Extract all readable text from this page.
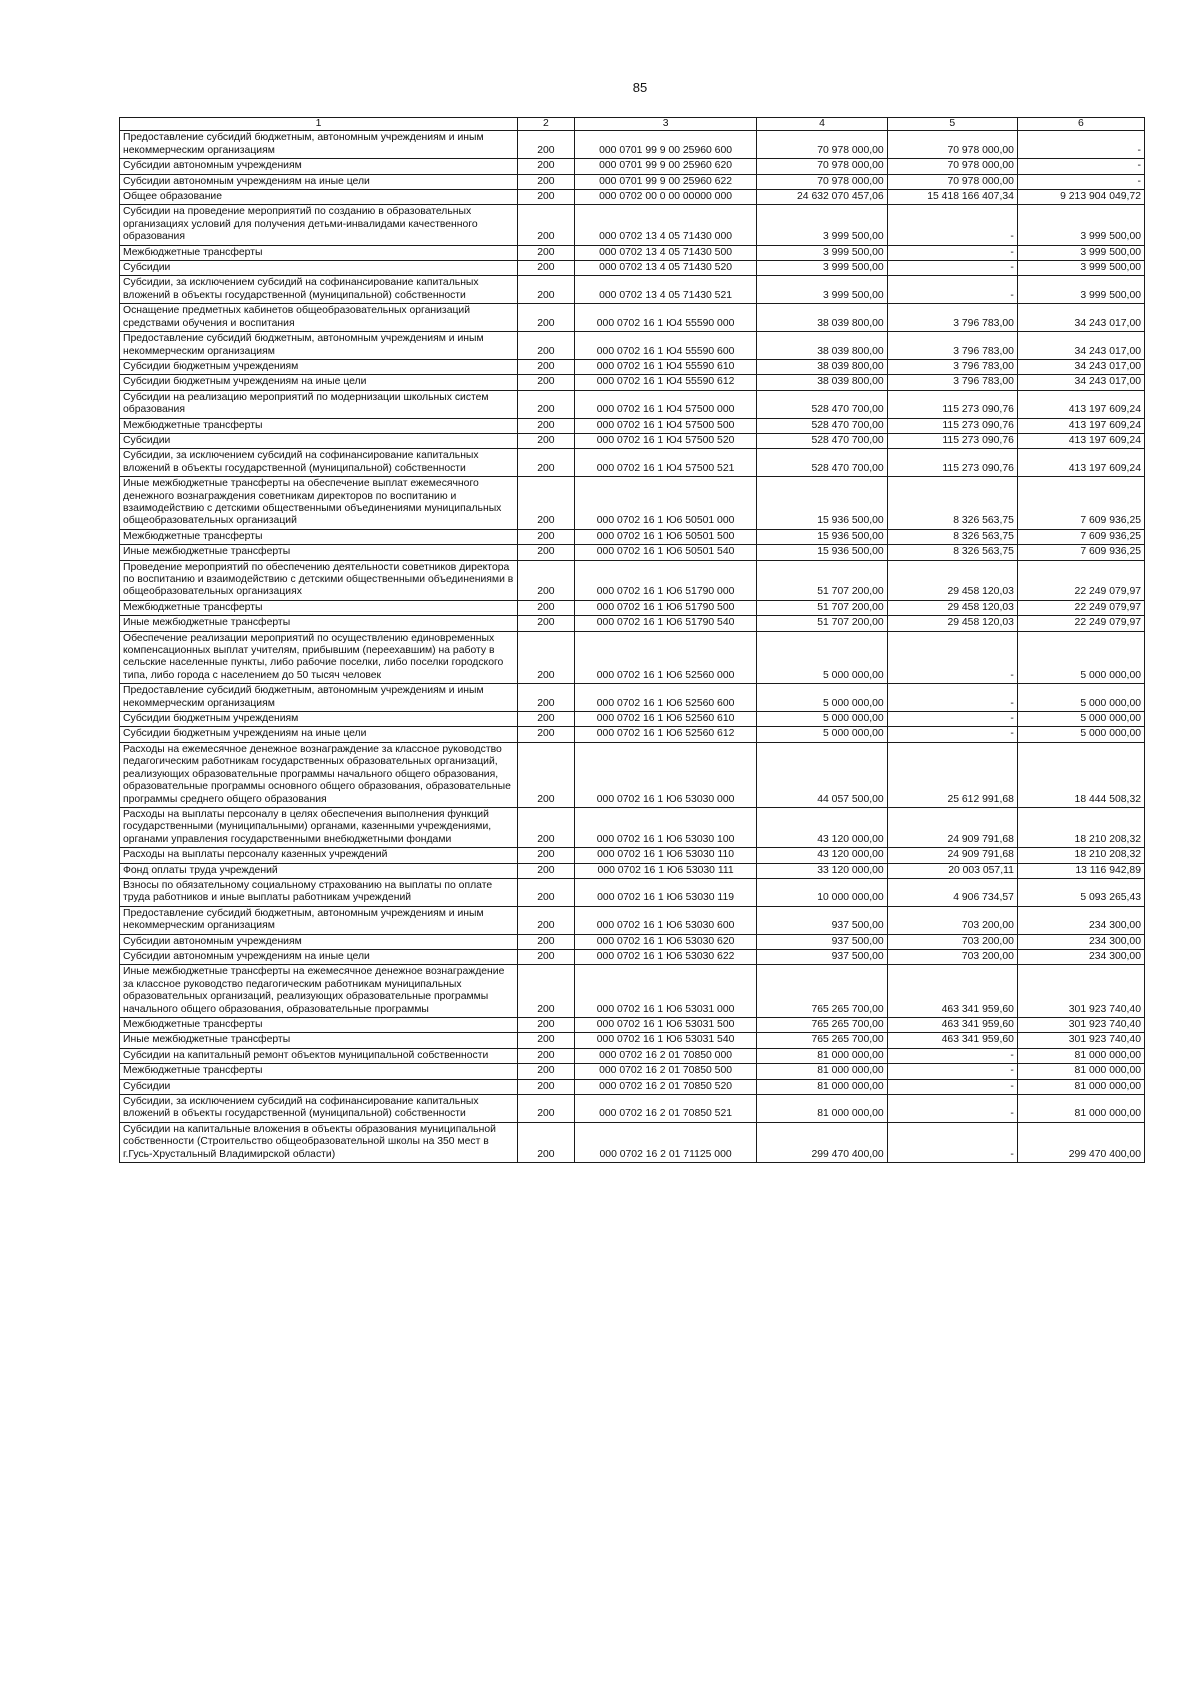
85
1	2	3	4	5	6
Предоставление субсидий бюджетным, автономным учреждениям и иным некоммерческим организациям	200	000 0701 99 9 00 25960 600	70 978 000,00	70 978 000,00	-
Субсидии автономным учреждениям	200	000 0701 99 9 00 25960 620	70 978 000,00	70 978 000,00	-
Субсидии автономным учреждениям на иные цели	200	000 0701 99 9 00 25960 622	70 978 000,00	70 978 000,00	-
Общее образование	200	000 0702 00 0 00 00000 000	24 632 070 457,06	15 418 166 407,34	9 213 904 049,72
Субсидии на проведение мероприятий по созданию в образовательных организациях условий для получения детьми-инвалидами качественного образования	200	000 0702 13 4 05 71430 000	3 999 500,00	-	3 999 500,00
Межбюджетные трансферты	200	000 0702 13 4 05 71430 500	3 999 500,00	-	3 999 500,00
Субсидии	200	000 0702 13 4 05 71430 520	3 999 500,00	-	3 999 500,00
Субсидии, за исключением субсидий на софинансирование капитальных вложений в объекты государственной (муниципальной) собственности	200	000 0702 13 4 05 71430 521	3 999 500,00	-	3 999 500,00
Оснащение предметных кабинетов общеобразовательных организаций средствами обучения и воспитания	200	000 0702 16 1 Ю4 55590 000	38 039 800,00	3 796 783,00	34 243 017,00
Предоставление субсидий бюджетным, автономным учреждениям и иным некоммерческим организациям	200	000 0702 16 1 Ю4 55590 600	38 039 800,00	3 796 783,00	34 243 017,00
Субсидии бюджетным учреждениям	200	000 0702 16 1 Ю4 55590 610	38 039 800,00	3 796 783,00	34 243 017,00
Субсидии бюджетным учреждениям на иные цели	200	000 0702 16 1 Ю4 55590 612	38 039 800,00	3 796 783,00	34 243 017,00
Субсидии на реализацию мероприятий по модернизации школьных систем образования	200	000 0702 16 1 Ю4 57500 000	528 470 700,00	115 273 090,76	413 197 609,24
Межбюджетные трансферты	200	000 0702 16 1 Ю4 57500 500	528 470 700,00	115 273 090,76	413 197 609,24
Субсидии	200	000 0702 16 1 Ю4 57500 520	528 470 700,00	115 273 090,76	413 197 609,24
Субсидии, за исключением субсидий на софинансирование капитальных вложений в объекты государственной (муниципальной) собственности	200	000 0702 16 1 Ю4 57500 521	528 470 700,00	115 273 090,76	413 197 609,24
Иные межбюджетные трансферты на обеспечение выплат ежемесячного денежного вознаграждения советникам директоров по воспитанию и взаимодействию с детскими общественными объединениями муниципальных общеобразовательных организаций	200	000 0702 16 1 Ю6 50501 000	15 936 500,00	8 326 563,75	7 609 936,25
Межбюджетные трансферты	200	000 0702 16 1 Ю6 50501 500	15 936 500,00	8 326 563,75	7 609 936,25
Иные межбюджетные трансферты	200	000 0702 16 1 Ю6 50501 540	15 936 500,00	8 326 563,75	7 609 936,25
Проведение мероприятий по обеспечению деятельности советников директора по воспитанию и взаимодействию с детскими общественными объединениями в общеобразовательных организациях	200	000 0702 16 1 Ю6 51790 000	51 707 200,00	29 458 120,03	22 249 079,97
Межбюджетные трансферты	200	000 0702 16 1 Ю6 51790 500	51 707 200,00	29 458 120,03	22 249 079,97
Иные межбюджетные трансферты	200	000 0702 16 1 Ю6 51790 540	51 707 200,00	29 458 120,03	22 249 079,97
Обеспечение реализации мероприятий по осуществлению единовременных компенсационных выплат учителям, прибывшим (переехавшим) на работу в сельские населенные пункты, либо рабочие поселки, либо поселки городского типа, либо города с населением до 50 тысяч человек	200	000 0702 16 1 Ю6 52560 000	5 000 000,00	-	5 000 000,00
Предоставление субсидий бюджетным, автономным учреждениям и иным некоммерческим организациям	200	000 0702 16 1 Ю6 52560 600	5 000 000,00	-	5 000 000,00
Субсидии бюджетным учреждениям	200	000 0702 16 1 Ю6 52560 610	5 000 000,00	-	5 000 000,00
Субсидии бюджетным учреждениям на иные цели	200	000 0702 16 1 Ю6 52560 612	5 000 000,00	-	5 000 000,00
Расходы на ежемесячное денежное вознаграждение за классное руководство педагогическим работникам государственных образовательных организаций, реализующих образовательные программы начального общего образования, образовательные программы основного общего образования, образовательные программы среднего общего образования	200	000 0702 16 1 Ю6 53030 000	44 057 500,00	25 612 991,68	18 444 508,32
Расходы на выплаты персоналу в целях обеспечения выполнения функций государственными (муниципальными) органами, казенными учреждениями, органами управления государственными внебюджетными фондами	200	000 0702 16 1 Ю6 53030 100	43 120 000,00	24 909 791,68	18 210 208,32
Расходы на выплаты персоналу казенных учреждений	200	000 0702 16 1 Ю6 53030 110	43 120 000,00	24 909 791,68	18 210 208,32
Фонд оплаты труда учреждений	200	000 0702 16 1 Ю6 53030 111	33 120 000,00	20 003 057,11	13 116 942,89
Взносы по обязательному социальному страхованию на выплаты по оплате труда работников и иные выплаты работникам учреждений	200	000 0702 16 1 Ю6 53030 119	10 000 000,00	4 906 734,57	5 093 265,43
Предоставление субсидий бюджетным, автономным учреждениям и иным некоммерческим организациям	200	000 0702 16 1 Ю6 53030 600	937 500,00	703 200,00	234 300,00
Субсидии автономным учреждениям	200	000 0702 16 1 Ю6 53030 620	937 500,00	703 200,00	234 300,00
Субсидии автономным учреждениям на иные цели	200	000 0702 16 1 Ю6 53030 622	937 500,00	703 200,00	234 300,00
Иные межбюджетные трансферты на ежемесячное денежное вознаграждение за классное руководство педагогическим работникам муниципальных образовательных организаций, реализующих образовательные программы начального общего образования, образовательные программы	200	000 0702 16 1 Ю6 53031 000	765 265 700,00	463 341 959,60	301 923 740,40
Межбюджетные трансферты	200	000 0702 16 1 Ю6 53031 500	765 265 700,00	463 341 959,60	301 923 740,40
Иные межбюджетные трансферты	200	000 0702 16 1 Ю6 53031 540	765 265 700,00	463 341 959,60	301 923 740,40
Субсидии на капитальный ремонт объектов муниципальной собственности	200	000 0702 16 2 01 70850 000	81 000 000,00	-	81 000 000,00
Межбюджетные трансферты	200	000 0702 16 2 01 70850 500	81 000 000,00	-	81 000 000,00
Субсидии	200	000 0702 16 2 01 70850 520	81 000 000,00	-	81 000 000,00
Субсидии, за исключением субсидий на софинансирование капитальных вложений в объекты государственной (муниципальной) собственности	200	000 0702 16 2 01 70850 521	81 000 000,00	-	81 000 000,00
Субсидии на капитальные вложения в объекты образования муниципальной собственности (Строительство общеобразовательной школы на 350 мест в г.Гусь-Хрустальный Владимирской области)	200	000 0702 16 2 01 71125 000	299 470 400,00	-	299 470 400,00
